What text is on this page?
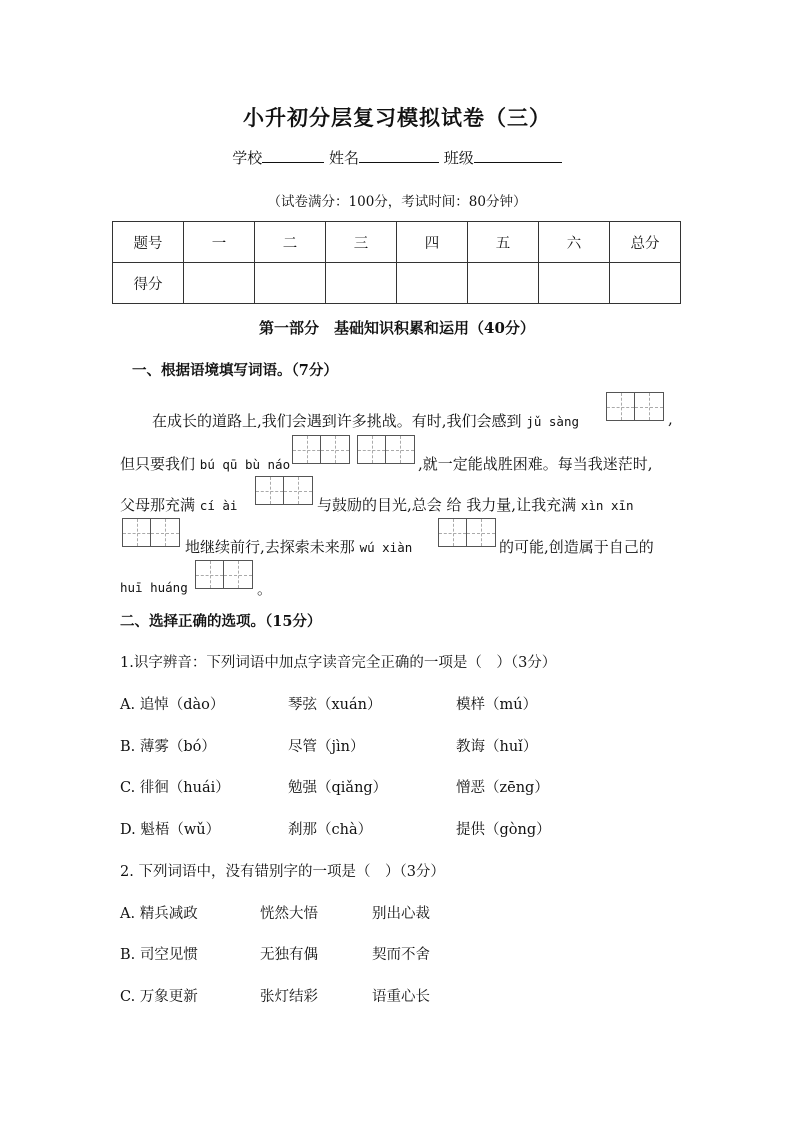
小升初分层复习模拟试卷（三）
学校	姓名	班级
（试卷满分：100分，考试时间：80分钟）
题号	一	二	三	四	五	六	总分
得分							
第一部分　基础知识积累和运用（40分）
一、根据语境填写词语。（7分）
在成长的道路上,我们会遇到许多挑战。有时,我们会感到 jǔ sàng	,
但只要我们 bú qū bù náo	,就一定能战胜困难。每当我迷茫时,
父母那充满 cí ài	与鼓励的目光,总会 给 我力量,让我充满 xìn xīn
地继续前行,去探索未来那 wú xiàn	的可能,创造属于自己的
huī huáng	。
二、选择正确的选项。（15分）
1.识字辨音：下列词语中加点字读音完全正确的一项是（　）（3分）
A. 追悼（dào）	琴弦（xuán）	模样（mú）
B. 薄雾（bó）	尽管（jìn）	教诲（huǐ）
C. 徘徊（huái）	勉强（qiǎng）	憎恶（zēng）
D. 魁梧（wǔ）	刹那（chà）	提供（gòng）
2. 下列词语中，没有错别字的一项是（　）（3分）
A. 精兵减政	恍然大悟	别出心裁
B. 司空见惯	无独有偶	契而不舍
C. 万象更新	张灯结彩	语重心长
